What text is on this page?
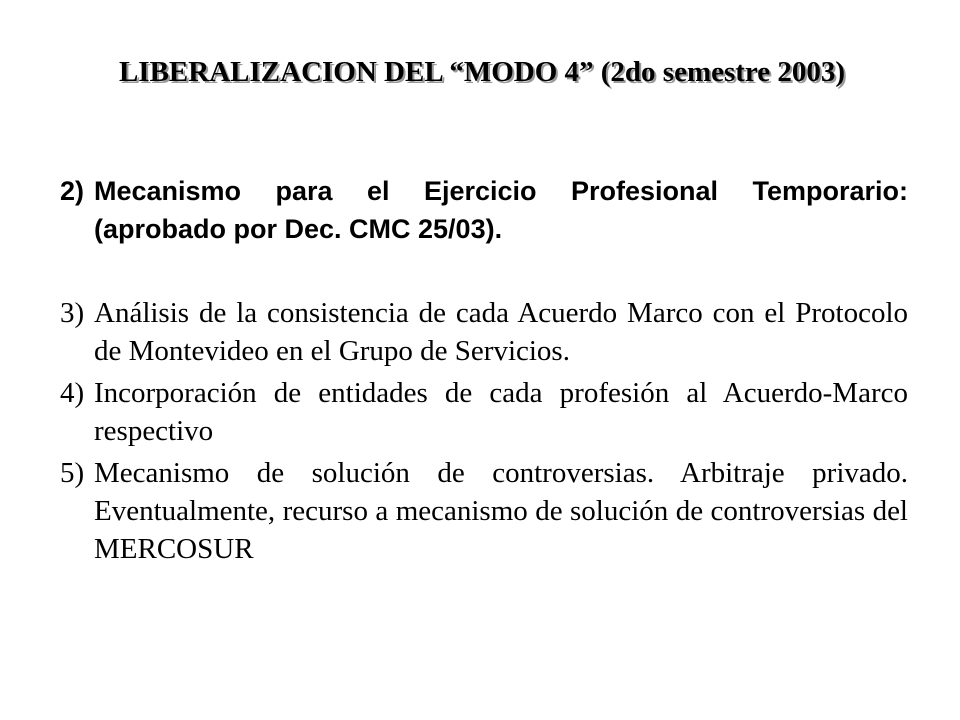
LIBERALIZACION DEL “MODO 4” (2do semestre 2003)
2) Mecanismo para el Ejercicio Profesional Temporario: (aprobado por Dec. CMC 25/03).
3) Análisis de la consistencia de cada Acuerdo Marco con el Protocolo de Montevideo en el Grupo de Servicios.
4) Incorporación de entidades de cada profesión al Acuerdo-Marco respectivo
5) Mecanismo de solución de controversias. Arbitraje privado. Eventualmente, recurso a mecanismo de solución de controversias del MERCOSUR
